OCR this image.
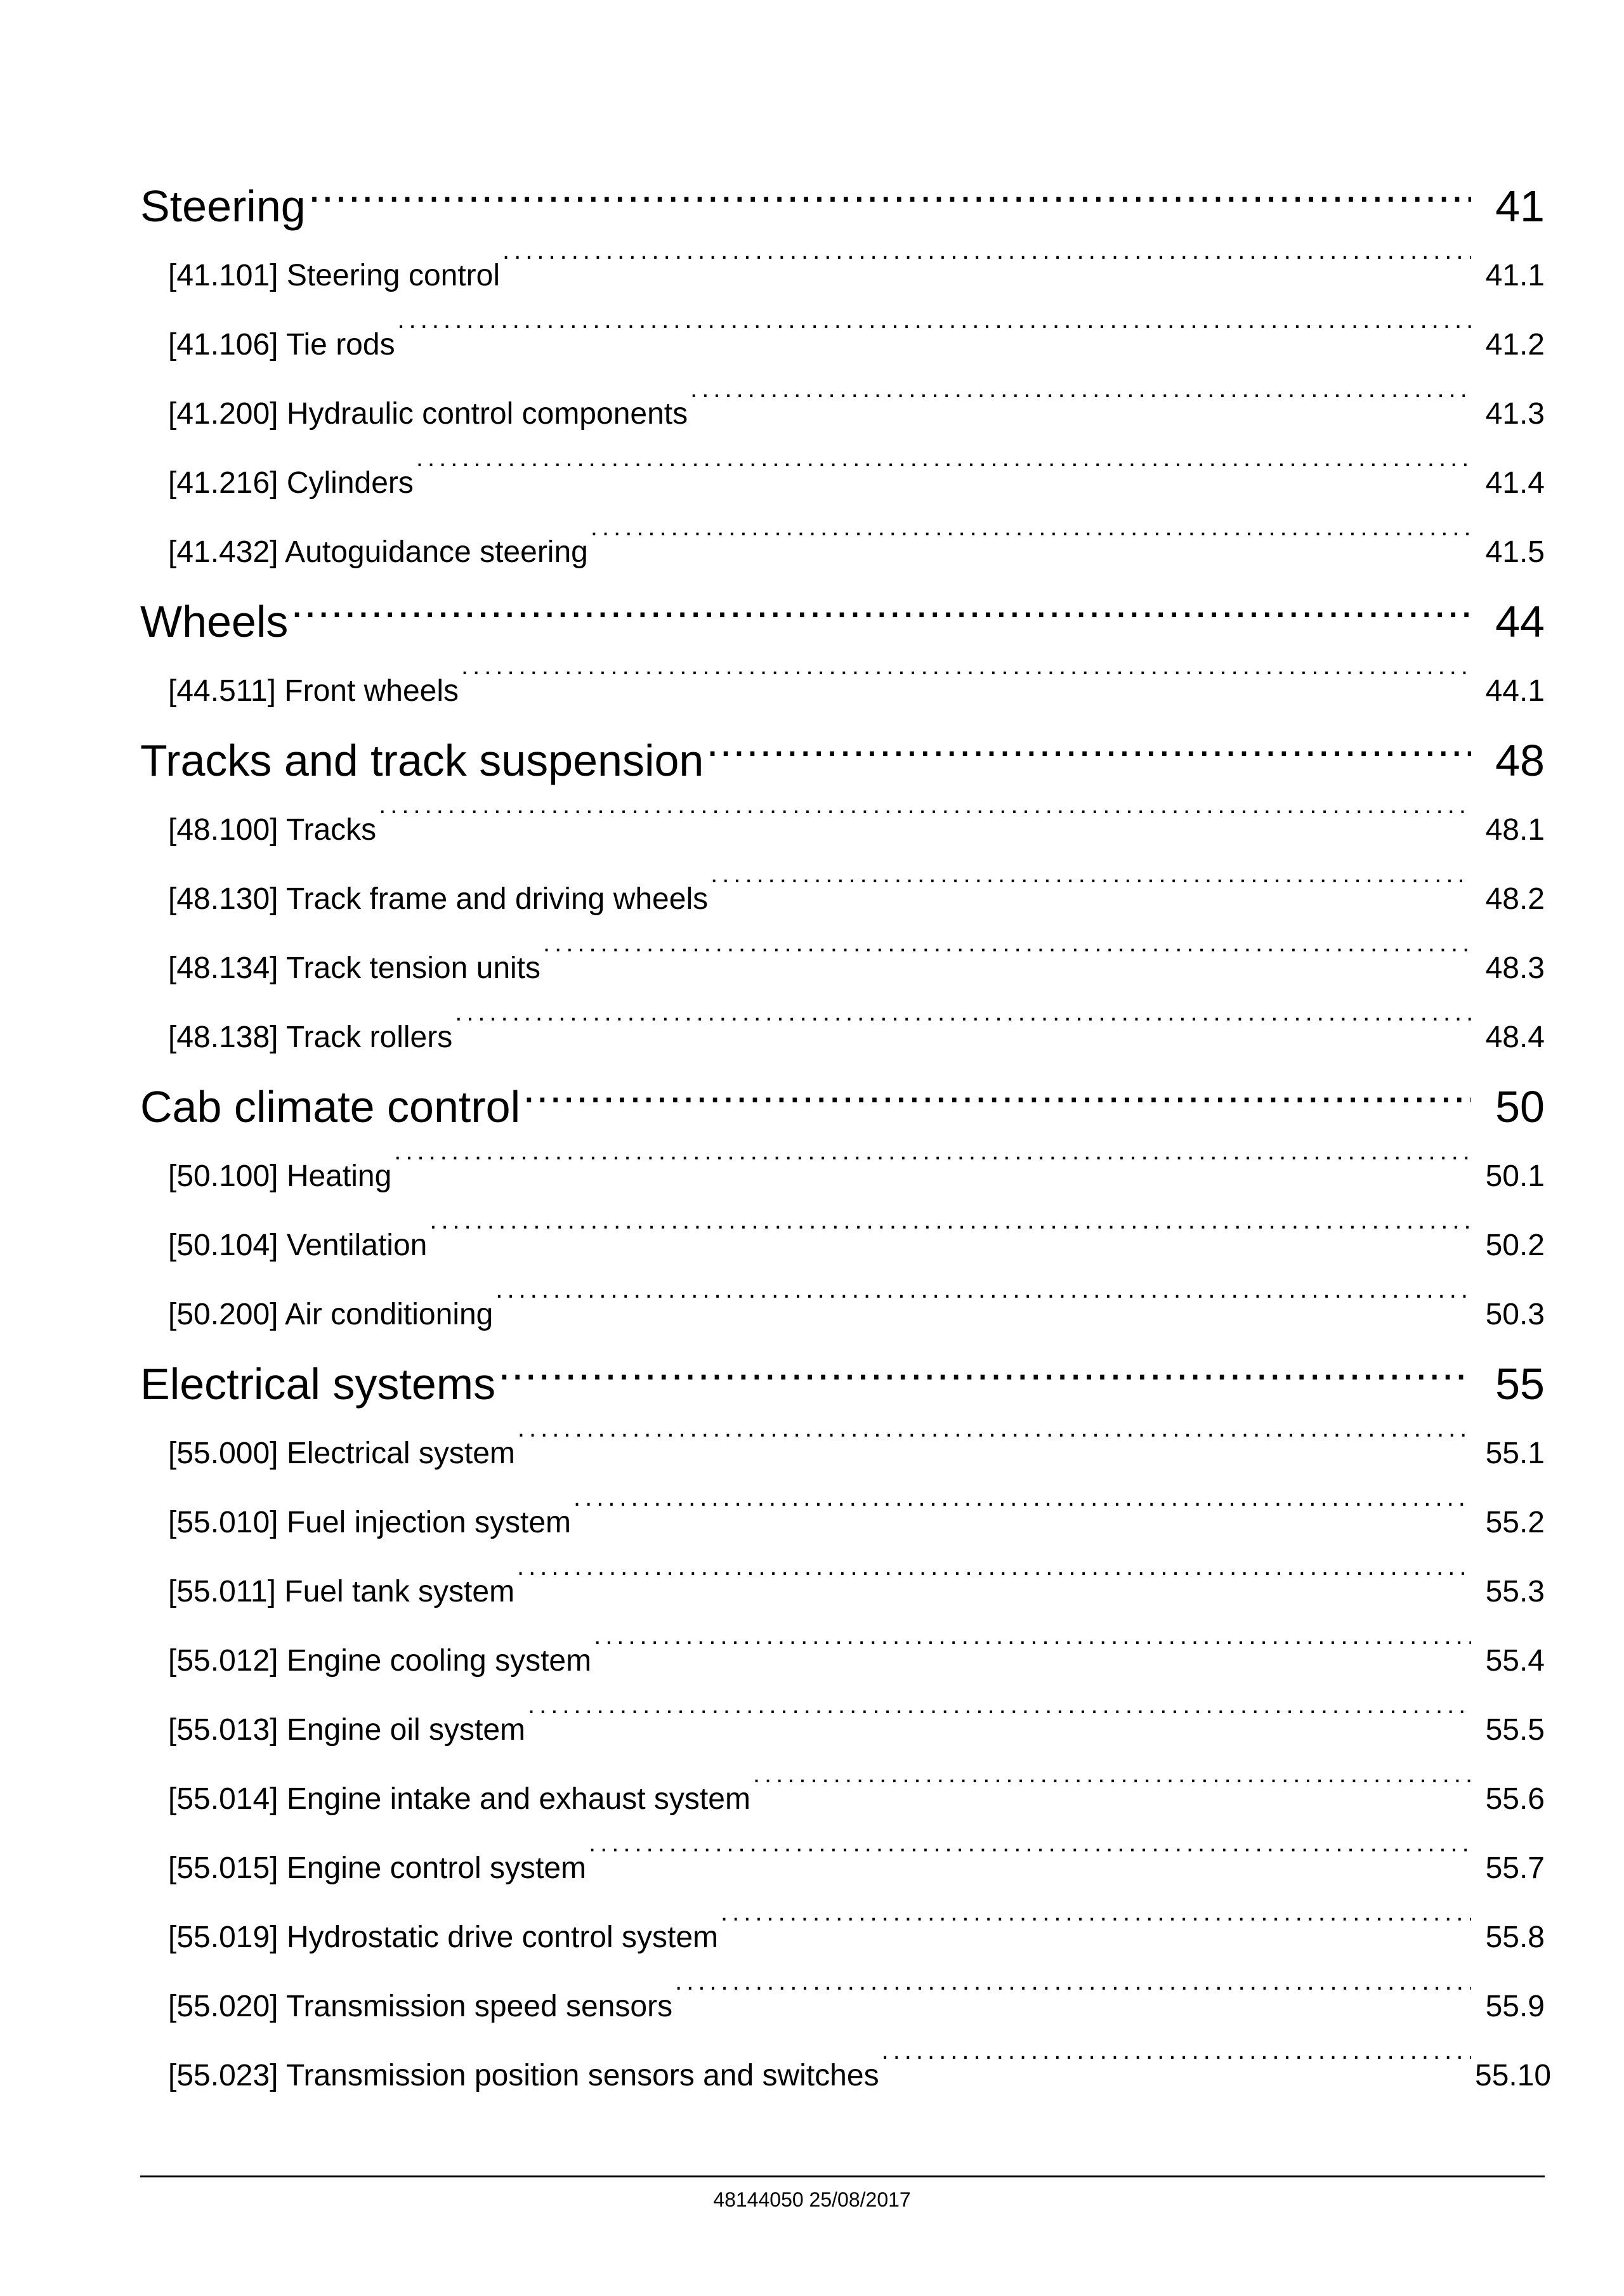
Steering .....	41
[41.101] Steering control .....	41.1
[41.106] Tie rods .....	41.2
[41.200] Hydraulic control components .....	41.3
[41.216] Cylinders .....	41.4
[41.432] Autoguidance steering .....	41.5
Wheels .....	44
[44.511] Front wheels .....	44.1
Tracks and track suspension .....	48
[48.100] Tracks .....	48.1
[48.130] Track frame and driving wheels .....	48.2
[48.134] Track tension units .....	48.3
[48.138] Track rollers .....	48.4
Cab climate control .....	50
[50.100] Heating .....	50.1
[50.104] Ventilation .....	50.2
[50.200] Air conditioning .....	50.3
Electrical systems .....	55
[55.000] Electrical system .....	55.1
[55.010] Fuel injection system .....	55.2
[55.011] Fuel tank system .....	55.3
[55.012] Engine cooling system .....	55.4
[55.013] Engine oil system .....	55.5
[55.014] Engine intake and exhaust system .....	55.6
[55.015] Engine control system .....	55.7
[55.019] Hydrostatic drive control system .....	55.8
[55.020] Transmission speed sensors .....	55.9
[55.023] Transmission position sensors and switches .....	55.10
48144050 25/08/2017
